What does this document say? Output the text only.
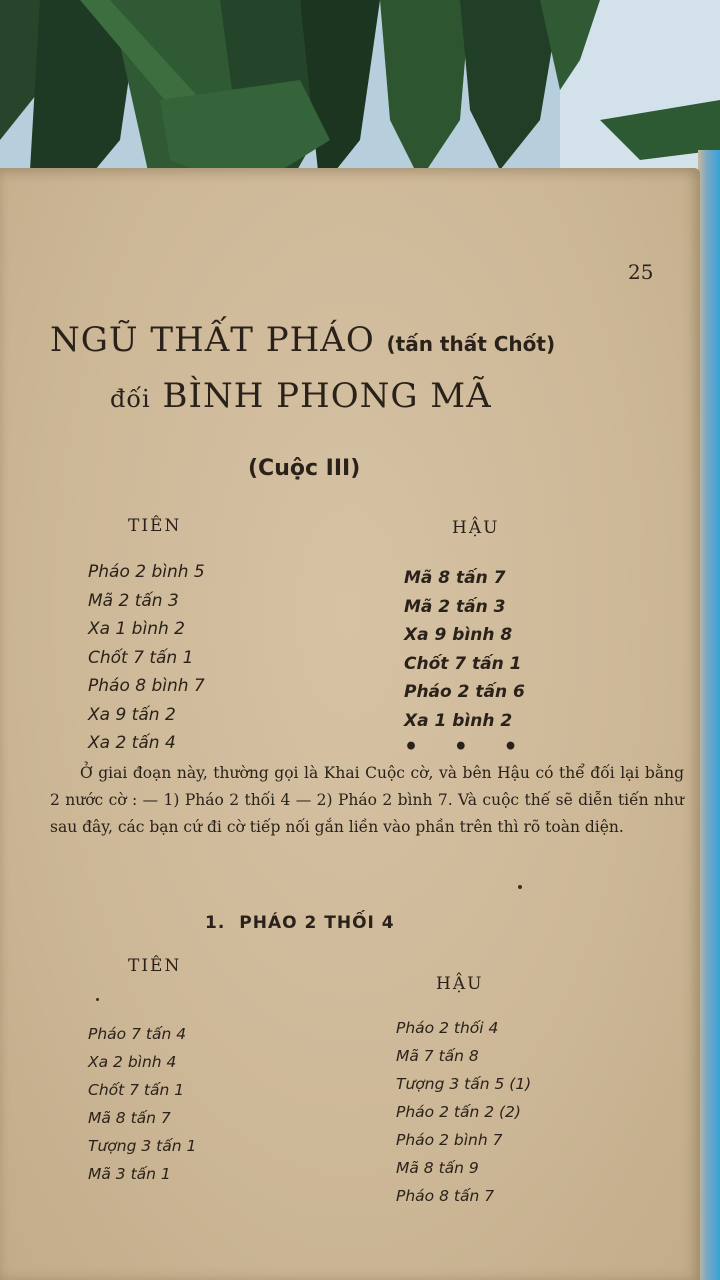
25
NGŨ THẤT PHÁO (tấn thất Chốt)
đối BÌNH PHONG MÃ
(Cuộc III)
TIÊN	HẬU
Pháo 2 bình 5
Mã 2 tấn 3
Xa 1 bình 2
Chốt 7 tấn 1
Pháo 8 bình 7
Xa 9 tấn 2
Xa 2 tấn 4
Mã 8 tấn 7
Mã 2 tấn 3
Xa 9 bình 8
Chốt 7 tấn 1
Pháo 2 tấn 6
Xa 1 bình 2
• • •

Ở giai đoạn này, thường gọi là Khai Cuộc cờ, và bên Hậu có thể đối lại bằng 2 nước cờ : — 1) Pháo 2 thối 4 — 2) Pháo 2 bình 7. Và cuộc thế sẽ diễn tiến như sau đây, các bạn cứ đi cờ tiếp nối gắn liền vào phần trên thì rõ toàn diện.

1. PHÁO 2 THỐI 4
TIÊN
HẬU
Pháo 7 tấn 4
Xa 2 bình 4
Chốt 7 tấn 1
Mã 8 tấn 7
Tượng 3 tấn 1
Mã 3 tấn 1
Pháo 2 thối 4
Mã 7 tấn 8
Tượng 3 tấn 5 (1)
Pháo 2 tấn 2 (2)
Pháo 2 bình 7
Mã 8 tấn 9
Pháo 8 tấn 7
